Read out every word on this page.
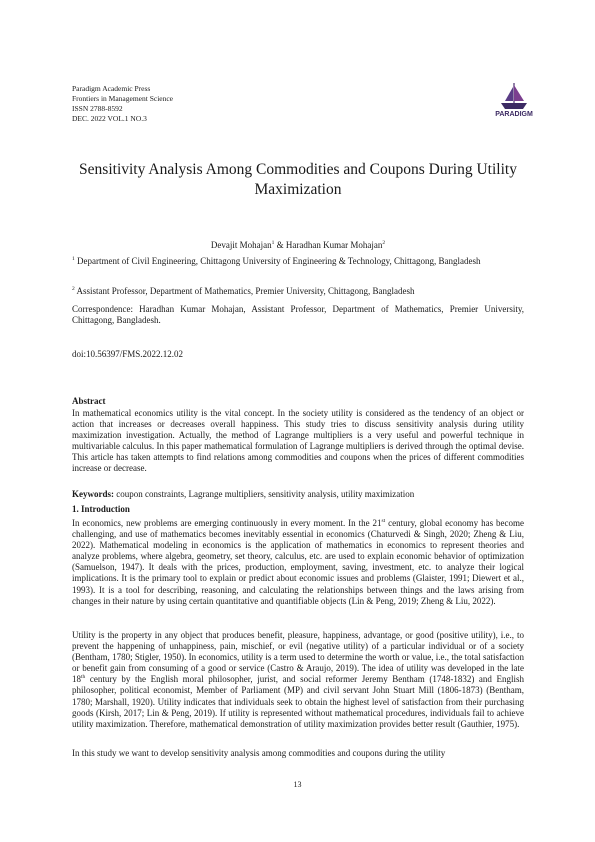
Paradigm Academic Press
Frontiers in Management Science
ISSN 2788-8592
DEC. 2022 VOL.1 NO.3	PARADIGM
Sensitivity Analysis Among Commodities and Coupons During Utility Maximization
Devajit Mohajan$^1$ & Haradhan Kumar Mohajan$^2$
$^1$ Department of Civil Engineering, Chittagong University of Engineering & Technology, Chittagong, Bangladesh
$^2$ Assistant Professor, Department of Mathematics, Premier University, Chittagong, Bangladesh
Correspondence: Haradhan Kumar Mohajan, Assistant Professor, Department of Mathematics, Premier University, Chittagong, Bangladesh.
doi:10.56397/FMS.2022.12.02
Abstract
In mathematical economics utility is the vital concept. In the society utility is considered as the tendency of an object or action that increases or decreases overall happiness. This study tries to discuss sensitivity analysis during utility maximization investigation. Actually, the method of Lagrange multipliers is a very useful and powerful technique in multivariable calculus. In this paper mathematical formulation of Lagrange multipliers is derived through the optimal devise. This article has taken attempts to find relations among commodities and coupons when the prices of different commodities increase or decrease.
Keywords: coupon constraints, Lagrange multipliers, sensitivity analysis, utility maximization
1. Introduction

In economics, new problems are emerging continuously in every moment. In the 21st century, global economy has become challenging, and use of mathematics becomes inevitably essential in economics (Chaturvedi & Singh, 2020; Zheng & Liu, 2022). Mathematical modeling in economics is the application of mathematics in economics to represent theories and analyze problems, where algebra, geometry, set theory, calculus, etc. are used to explain economic behavior of optimization (Samuelson, 1947). It deals with the prices, production, employment, saving, investment, etc. to analyze their logical implications. It is the primary tool to explain or predict about economic issues and problems (Glaister, 1991; Diewert et al., 1993). It is a tool for describing, reasoning, and calculating the relationships between things and the laws arising from changes in their nature by using certain quantitative and quantifiable objects (Lin & Peng, 2019; Zheng & Liu, 2022).

Utility is the property in any object that produces benefit, pleasure, happiness, advantage, or good (positive utility), i.e., to prevent the happening of unhappiness, pain, mischief, or evil (negative utility) of a particular individual or of a society (Bentham, 1780; Stigler, 1950). In economics, utility is a term used to determine the worth or value, i.e., the total satisfaction or benefit gain from consuming of a good or service (Castro & Araujo, 2019). The idea of utility was developed in the late 18th century by the English moral philosopher, jurist, and social reformer Jeremy Bentham (1748-1832) and English philosopher, political economist, Member of Parliament (MP) and civil servant John Stuart Mill (1806-1873) (Bentham, 1780; Marshall, 1920). Utility indicates that individuals seek to obtain the highest level of satisfaction from their purchasing goods (Kirsh, 2017; Lin & Peng, 2019). If utility is represented without mathematical procedures, individuals fail to achieve utility maximization. Therefore, mathematical demonstration of utility maximization provides better result (Gauthier, 1975).

In this study we want to develop sensitivity analysis among commodities and coupons during the utility

13
